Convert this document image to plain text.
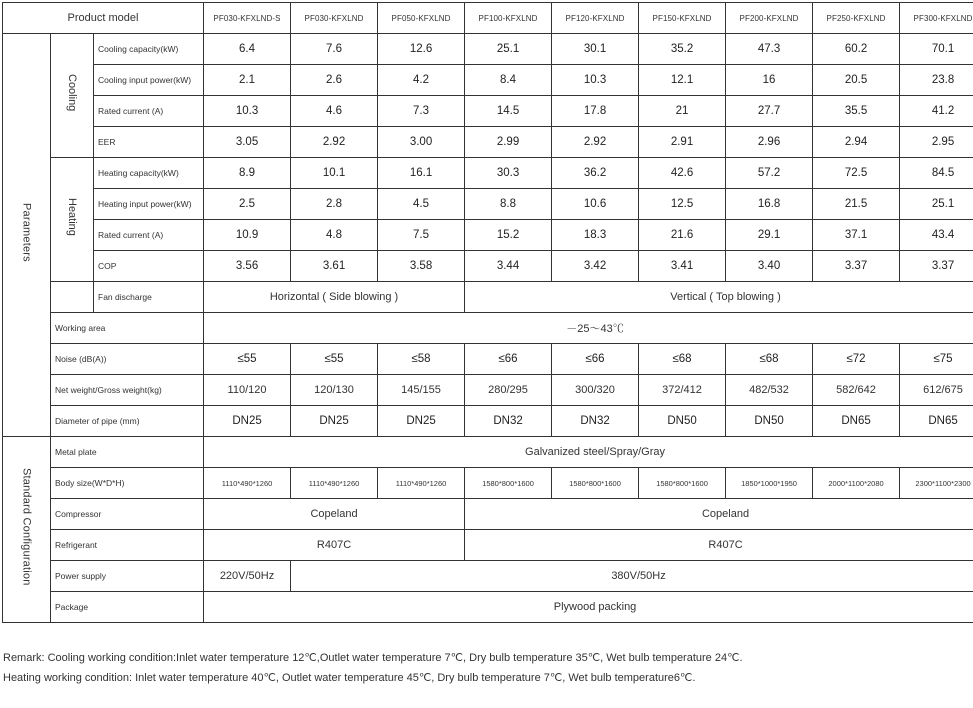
Product model			PF030-KFXLND-S	PF030-KFXLND	PF050-KFXLND	PF100-KFXLND	PF120-KFXLND	PF150-KFXLND	PF200-KFXLND	PF250-KFXLND	PF300-KFXLND
Parameters	Cooling	Cooling capacity(kW)	6.4	7.6	12.6	25.1	30.1	35.2	47.3	60.2	70.1
		Cooling input power(kW)	2.1	2.6	4.2	8.4	10.3	12.1	16	20.5	23.8
		Rated current (A)	10.3	4.6	7.3	14.5	17.8	21	27.7	35.5	41.2
		EER	3.05	2.92	3.00	2.99	2.92	2.91	2.96	2.94	2.95
	Heating	Heating capacity(kW)	8.9	10.1	16.1	30.3	36.2	42.6	57.2	72.5	84.5
		Heating input power(kW)	2.5	2.8	4.5	8.8	10.6	12.5	16.8	21.5	25.1
		Rated current (A)	10.9	4.8	7.5	15.2	18.3	21.6	29.1	37.1	43.4
		COP	3.56	3.61	3.58	3.44	3.42	3.41	3.40	3.37	3.37
		Fan discharge	Horizontal ( Side blowing )			Vertical ( Top blowing )					
	Working area		－25～43℃								
	Noise (dB(A))		≤55	≤55	≤58	≤66	≤66	≤68	≤68	≤72	≤75
	Net weight/Gross weight(kg)		110/120	120/130	145/155	280/295	300/320	372/412	482/532	582/642	612/675
	Diameter of pipe (mm)		DN25	DN25	DN25	DN32	DN32	DN50	DN50	DN65	DN65
Standard Configuration	Metal plate		Galvanized steel/Spray/Gray								
	Body size(W*D*H)		1110*490*1260	1110*490*1260	1110*490*1260	1580*800*1600	1580*800*1600	1580*800*1600	1850*1000*1950	2000*1100*2080	2300*1100*2300
	Compressor		Copeland			Copeland					
	Refrigerant		R407C			R407C					
	Power supply		220V/50Hz	380V/50Hz							
	Package		Plywood packing								
Remark: Cooling working condition:Inlet water temperature 12℃,Outlet water temperature 7℃, Dry bulb temperature 35℃, Wet bulb temperature 24℃.
Heating working condition: Inlet water temperature 40℃, Outlet water temperature 45℃, Dry bulb temperature 7℃, Wet bulb temperature6℃.
